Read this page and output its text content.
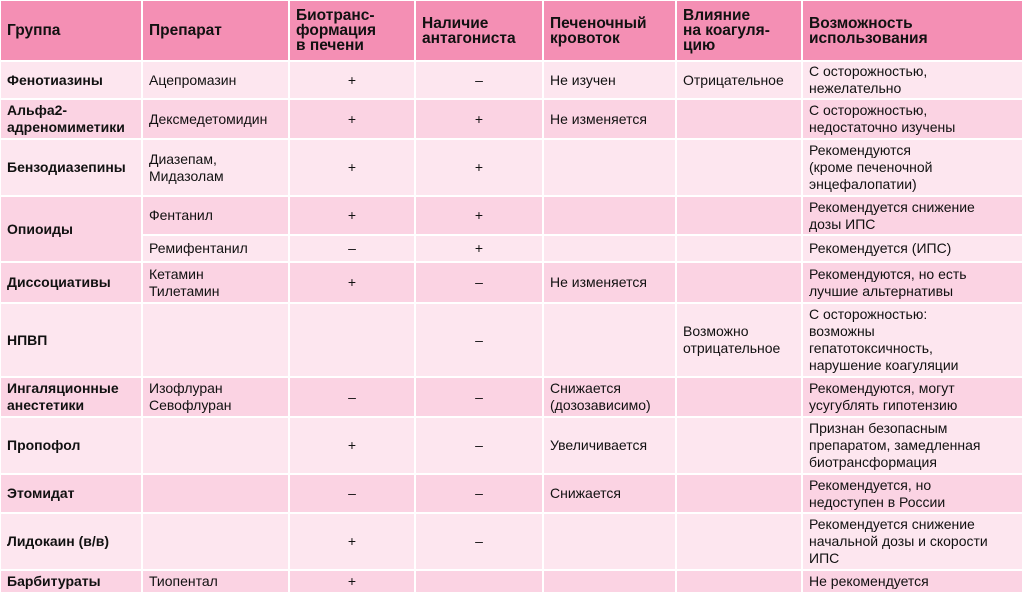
Группа	Препарат	Биотранс-
формация
в печени	Наличие
антагониста	Печеночный
кровоток	Влияние
на коагуля-
цию	Возможность
использования
Фенотиазины	Ацепромазин	+	–	Не изучен	Отрицательное	С осторожностью,
нежелательно
Альфа2-
адреномиметики	Дексмедетомидин	+	+	Не изменяется		С осторожностью,
недостаточно изучены
Бензодиазепины	Диазепам,
Мидазолам	+	+			Рекомендуются
(кроме печеночной
энцефалопатии)
Опиоиды	Фентанил	+	+			Рекомендуется снижение
дозы ИПС
	Ремифентанил	–	+			Рекомендуется (ИПС)
Диссоциативы	Кетамин
Тилетамин	+	–	Не изменяется		Рекомендуются, но есть
лучшие альтернативы
НПВП			–		Возможно
отрицательное	С осторожностью:
возможны
гепатотоксичность,
нарушение коагуляции
Ингаляционные
анестетики	Изофлуран
Севофлуран	–	–	Снижается
(дозозависимо)		Рекомендуются, могут
усугублять гипотензию
Пропофол		+	–	Увеличивается		Признан безопасным
препаратом, замедленная
биотрансформация
Этомидат		–	–	Снижается		Рекомендуется, но
недоступен в России
Лидокаин (в/в)		+	–			Рекомендуется снижение
начальной дозы и скорости
ИПС
Барбитураты	Тиопентал	+				Не рекомендуется
